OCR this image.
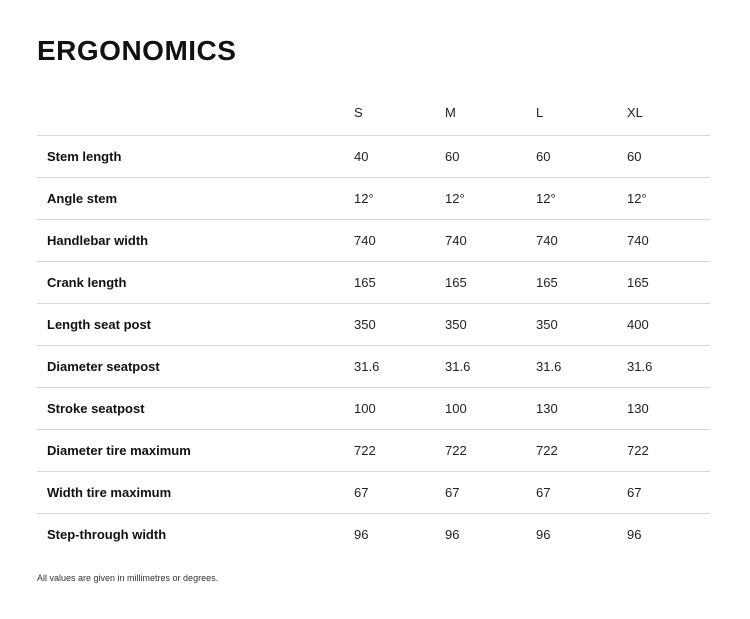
ERGONOMICS
	S	M	L	XL
Stem length	40	60	60	60
Angle stem	12°	12°	12°	12°
Handlebar width	740	740	740	740
Crank length	165	165	165	165
Length seat post	350	350	350	400
Diameter seatpost	31.6	31.6	31.6	31.6
Stroke seatpost	100	100	130	130
Diameter tire maximum	722	722	722	722
Width tire maximum	67	67	67	67
Step-through width	96	96	96	96

All values are given in millimetres or degrees.
